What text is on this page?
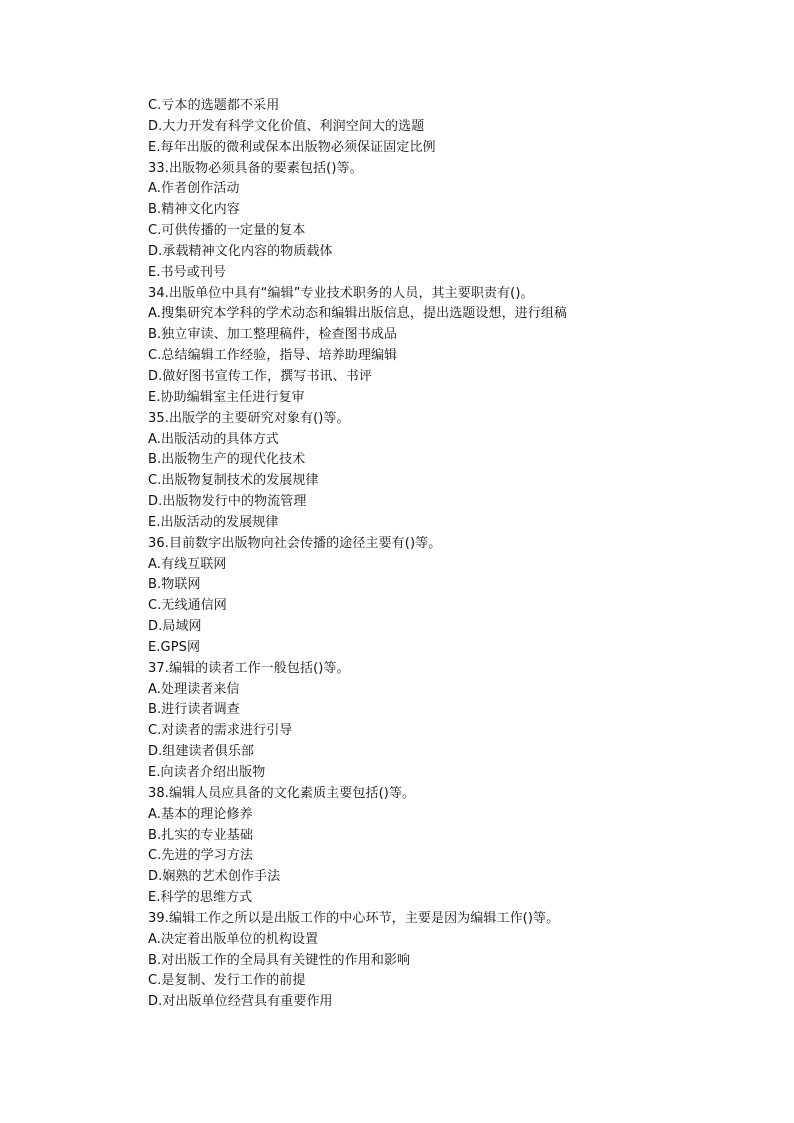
C.亏本的选题都不采用
D.大力开发有科学文化价值、利润空间大的选题
E.每年出版的微利或保本出版物必须保证固定比例
33.出版物必须具备的要素包括()等。
A.作者创作活动
B.精神文化内容
C.可供传播的一定量的复本
D.承载精神文化内容的物质载体
E.书号或刊号
34.出版单位中具有“编辑”专业技术职务的人员，其主要职责有()。
A.搜集研究本学科的学术动态和编辑出版信息，提出选题设想，进行组稿
B.独立审读、加工整理稿件，检查图书成品
C.总结编辑工作经验，指导、培养助理编辑
D.做好图书宣传工作，撰写书讯、书评
E.协助编辑室主任进行复审
35.出版学的主要研究对象有()等。
A.出版活动的具体方式
B.出版物生产的现代化技术
C.出版物复制技术的发展规律
D.出版物发行中的物流管理
E.出版活动的发展规律
36.目前数字出版物向社会传播的途径主要有()等。
A.有线互联网
B.物联网
C.无线通信网
D.局域网
E.GPS网
37.编辑的读者工作一般包括()等。
A.处理读者来信
B.进行读者调查
C.对读者的需求进行引导
D.组建读者俱乐部
E.向读者介绍出版物
38.编辑人员应具备的文化素质主要包括()等。
A.基本的理论修养
B.扎实的专业基础
C.先进的学习方法
D.娴熟的艺术创作手法
E.科学的思维方式
39.编辑工作之所以是出版工作的中心环节，主要是因为编辑工作()等。
A.决定着出版单位的机构设置
B.对出版工作的全局具有关键性的作用和影响
C.是复制、发行工作的前提
D.对出版单位经营具有重要作用
